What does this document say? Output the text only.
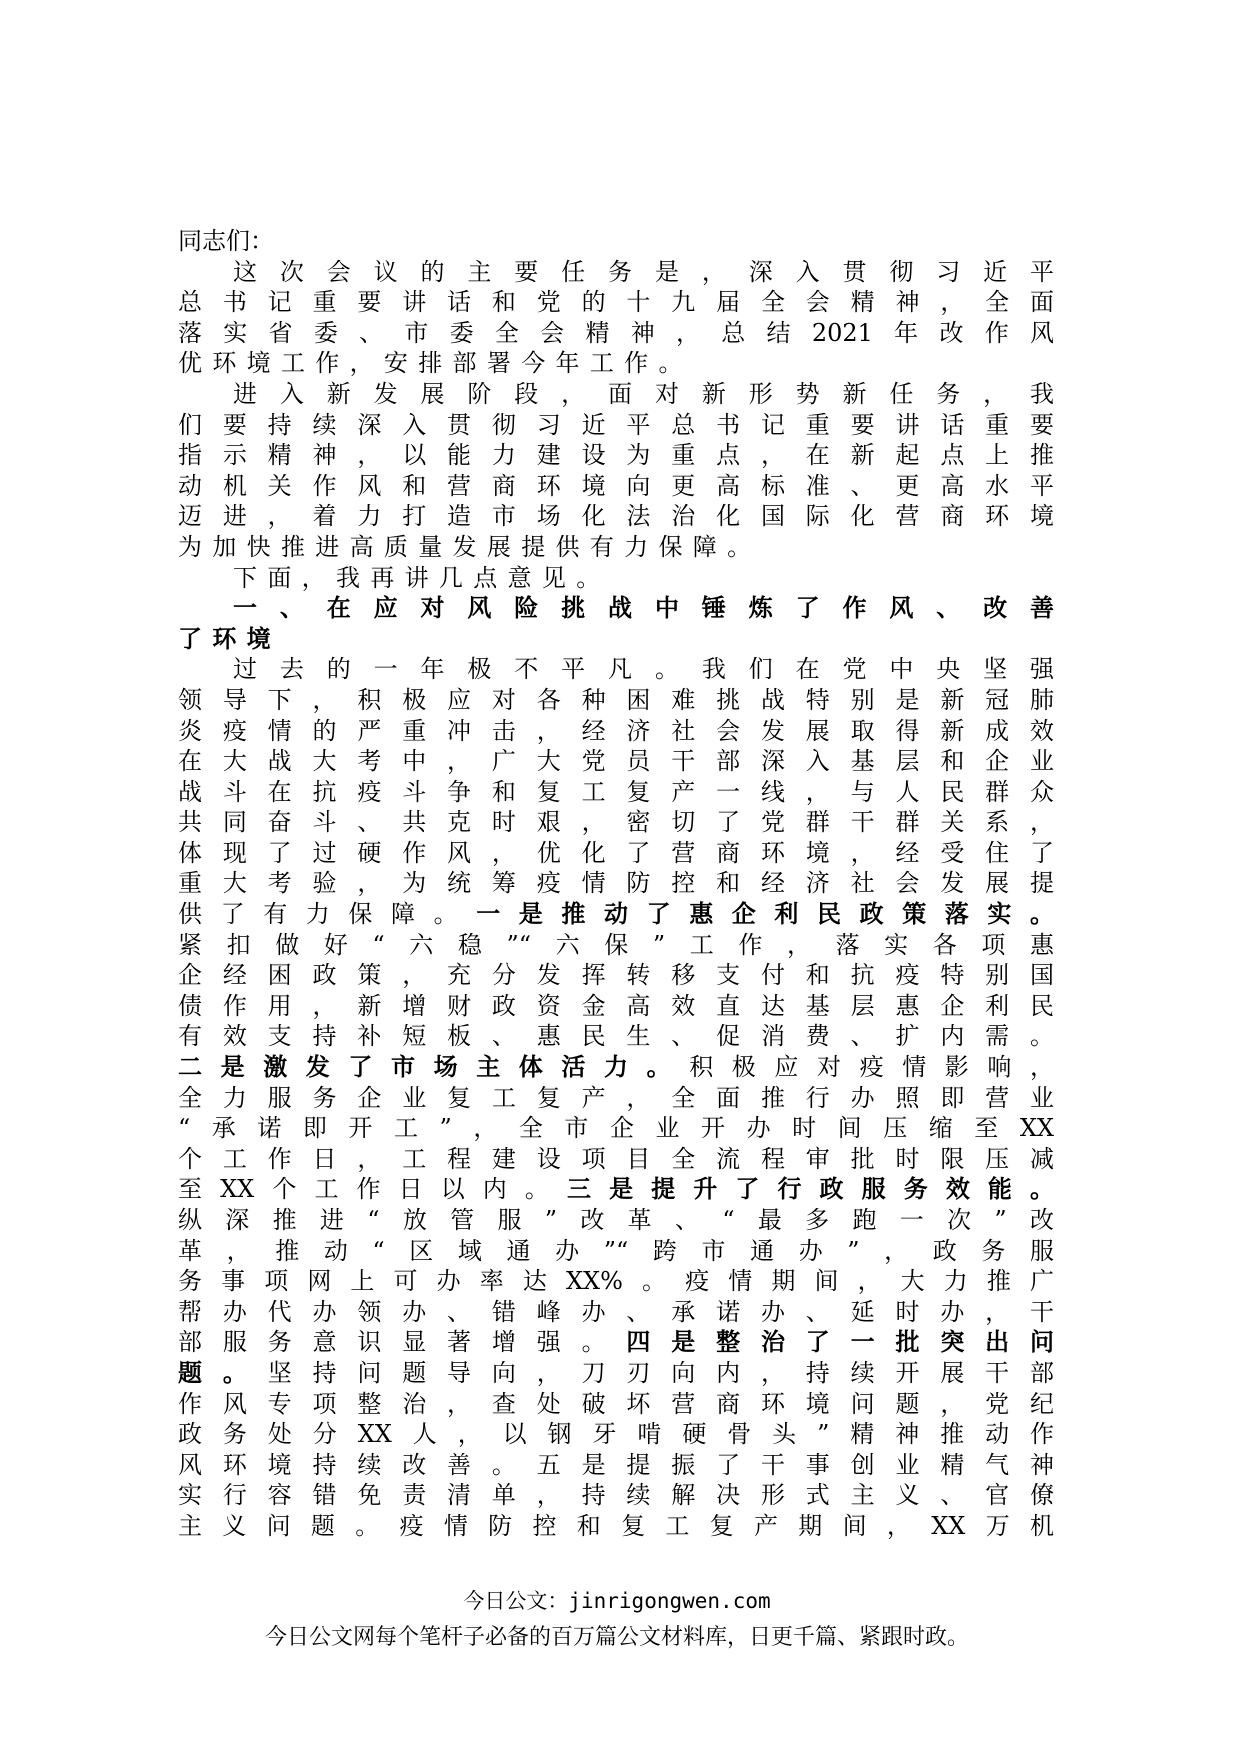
同志们：
这次会议的主要任务是，深入贯彻习近平
总书记重要讲话和党的十九届全会精神，全面
落实省委、市委全会精神，总结2021年改作风
优环境工作，安排部署今年工作。
进入新发展阶段，面对新形势新任务，我
们要持续深入贯彻习近平总书记重要讲话重要
指示精神，以能力建设为重点，在新起点上推
动机关作风和营商环境向更高标准、更高水平
迈进，着力打造市场化法治化国际化营商环境
为加快推进高质量发展提供有力保障。
下面，我再讲几点意见。
一、在应对风险挑战中锤炼了作风、改善
了环境
过去的一年极不平凡。我们在党中央坚强
领导下，积极应对各种困难挑战特别是新冠肺
炎疫情的严重冲击，经济社会发展取得新成效
在大战大考中，广大党员干部深入基层和企业
战斗在抗疫斗争和复工复产一线，与人民群众
共同奋斗、共克时艰，密切了党群干群关系，
体现了过硬作风，优化了营商环境，经受住了
重大考验，为统筹疫情防控和经济社会发展提
供了有力保障。一是推动了惠企利民政策落实。
紧扣做好“六稳”“六保”工作，落实各项惠
企经困政策，充分发挥转移支付和抗疫特别国
债作用，新增财政资金高效直达基层惠企利民
有效支持补短板、惠民生、促消费、扩内需。
二是激发了市场主体活力。积极应对疫情影响，
全力服务企业复工复产，全面推行办照即营业
“承诺即开工”，全市企业开办时间压缩至XX
个工作日，工程建设项目全流程审批时限压减
至XX个工作日以内。三是提升了行政服务效能。
纵深推进“放管服”改革、“最多跑一次”改
革，推动“区域通办”“跨市通办”，政务服
务事项网上可办率达XX%。疫情期间，大力推广
帮办代办领办、错峰办、承诺办、延时办，干
部服务意识显著增强。四是整治了一批突出问
题。坚持问题导向，刀刃向内，持续开展干部
作风专项整治，查处破坏营商环境问题，党纪
政务处分XX人，以钢牙啃硬骨头”精神推动作
风环境持续改善。五是提振了干事创业精气神
实行容错免责清单，持续解决形式主义、官僚
主义问题。疫情防控和复工复产期间，XX万机
今日公文：jinrigongwen.com
今日公文网每个笔杆子必备的百万篇公文材料库，日更千篇、紧跟时政。
